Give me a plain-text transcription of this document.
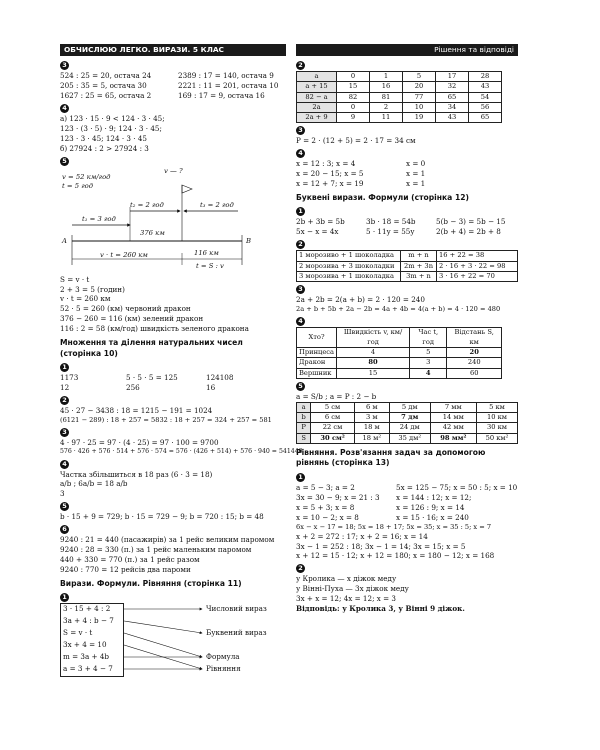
ОБЧИСЛЮЮ ЛЕГКО. ВИРАЗИ. 5 КЛАС	Рішення та відповіді
3
524 : 25 = 20, остача 24	2389 : 17 = 140, остача 9
205 : 35 = 5, остача 30	2221 : 11 = 201, остача 10
1627 : 25 = 65, остача 2	169 : 17 = 9, остача 16
4
а) 123 · 15 · 9 < 124 · 3 · 45;
123 · (3 · 5) · 9; 124 · 3 · 45;
123 · 3 · 45; 124 · 3 · 45
б) 27924 : 2 > 27924 : 3
5
v — ?
v = 52 км/год
t = 5 год
t₁ = 3 год
t₂ = 2 год	t₃ = 2 год
376 км
A	B
v · t = 260 км	116 км
t = S : v
S = v · t
2 + 3 = 5 (годин)
v · t = 260 км
52 · 5 = 260 (км) червоний дракон
376 − 260 = 116 (км) зелений дракон
116 : 2 = 58 (км/год) швидкість зеленого дракона
Множення та ділення натуральних чисел (сторінка 10)
1
1173	5 · 5 · 5 = 125	124108
12	256	16
2
45 · 27 − 3438 : 18 = 1215 − 191 = 1024
(6121 − 289) : 18 + 257 = 5832 : 18 + 257 = 324 + 257 = 581
3
4 · 97 · 25 = 97 · (4 · 25) = 97 · 100 = 9700
576 · 426 + 576 · 514 + 576 · 574 = 576 · (426 + 514) + 576 · 940 = 541440
4
Частка збільшиться в 18 раз (6 · 3 = 18)
a/b ; 6a/b = 18 a/b
3
5
b · 15 + 9 = 729; b · 15 = 729 − 9; b = 720 : 15; b = 48
6
9240 : 21 = 440 (пасажирів) за 1 рейс великим паромом
9240 : 28 = 330 (п.) за 1 рейс маленьким паромом
440 + 330 = 770 (п.) за 1 рейс разом
9240 : 770 = 12 рейсів два пароми
Вирази. Формули. Рівняння (сторінка 11)
1
3 · 15 + 4 : 2
3a + 4 : b − 7
S = v · t
3x + 4 = 10
m = 3a + 4b
a = 3 + 4 − 7
Числовий вираз
Буквений вираз
Формула
Рівняння
2
a	0	1	5	17	28
a + 15	15	16	20	32	43
82 − a	82	81	77	65	54
2a	0	2	10	34	56
2a + 9	9	11	19	43	65
3
P = 2 · (12 + 5) = 2 · 17 = 34 см
4
x = 12 : 3; x = 4	x = 0
x = 20 − 15; x = 5	x = 1
x = 12 + 7; x = 19	x = 1
Буквені вирази. Формули (сторінка 12)
1
2b + 3b = 5b	3b · 18 = 54b	5(b − 3) = 5b − 15
5x − x = 4x	5 · 11y = 55y	2(b + 4) = 2b + 8
2
1 морозиво + 1 шоколадка	m + n	16 + 22 = 38
2 морозива + 3 шоколадки	2m + 3n	2 · 16 + 3 · 22 = 98
3 морозива + 1 шоколадка	3m + n	3 · 16 + 22 = 70
3
2a + 2b = 2(a + b) = 2 · 120 = 240
2a + b + 5b + 2a − 2b = 4a + 4b = 4(a + b) = 4 · 120 = 480
4
Хто?	Швидкість v, км/год	Час t, год	Відстань S, км
Принцеса	4	5	20
Дракон	80	3	240
Вершник	15	4	60
5
a = S/b ; a = P : 2 − b
a	5 см	6 м	5 дм	7 мм	5 км
b	6 см	3 м	7 дм	14 мм	10 км
P	22 см	18 м	24 дм	42 мм	30 км
S	30 см²	18 м²	35 дм²	98 мм²	50 км²
Рівняння. Розв'язання задач за допомогою рівнянь (сторінка 13)
1
a = 5 − 3; a = 2	5x = 125 − 75; x = 50 : 5; x = 10
3x = 30 − 9; x = 21 : 3	x = 144 : 12; x = 12;
x = 5 + 3; x = 8	x = 126 : 9; x = 14
x = 10 − 2; x = 8	x = 15 · 16; x = 240
6x − x − 17 = 18; 5x = 18 + 17; 5x = 35; x = 35 : 5; x = 7
x + 2 = 272 : 17; x + 2 = 16; x = 14
3x − 1 = 252 : 18; 3x − 1 = 14; 3x = 15; x = 5
x + 12 = 15 · 12; x + 12 = 180; x = 180 − 12; x = 168
2
у Кролика — x діжок меду
у Вінні-Пуха — 3x діжок меду
3x + x = 12; 4x = 12; x = 3
Відповідь: у Кролика 3, у Вінні 9 діжок.
